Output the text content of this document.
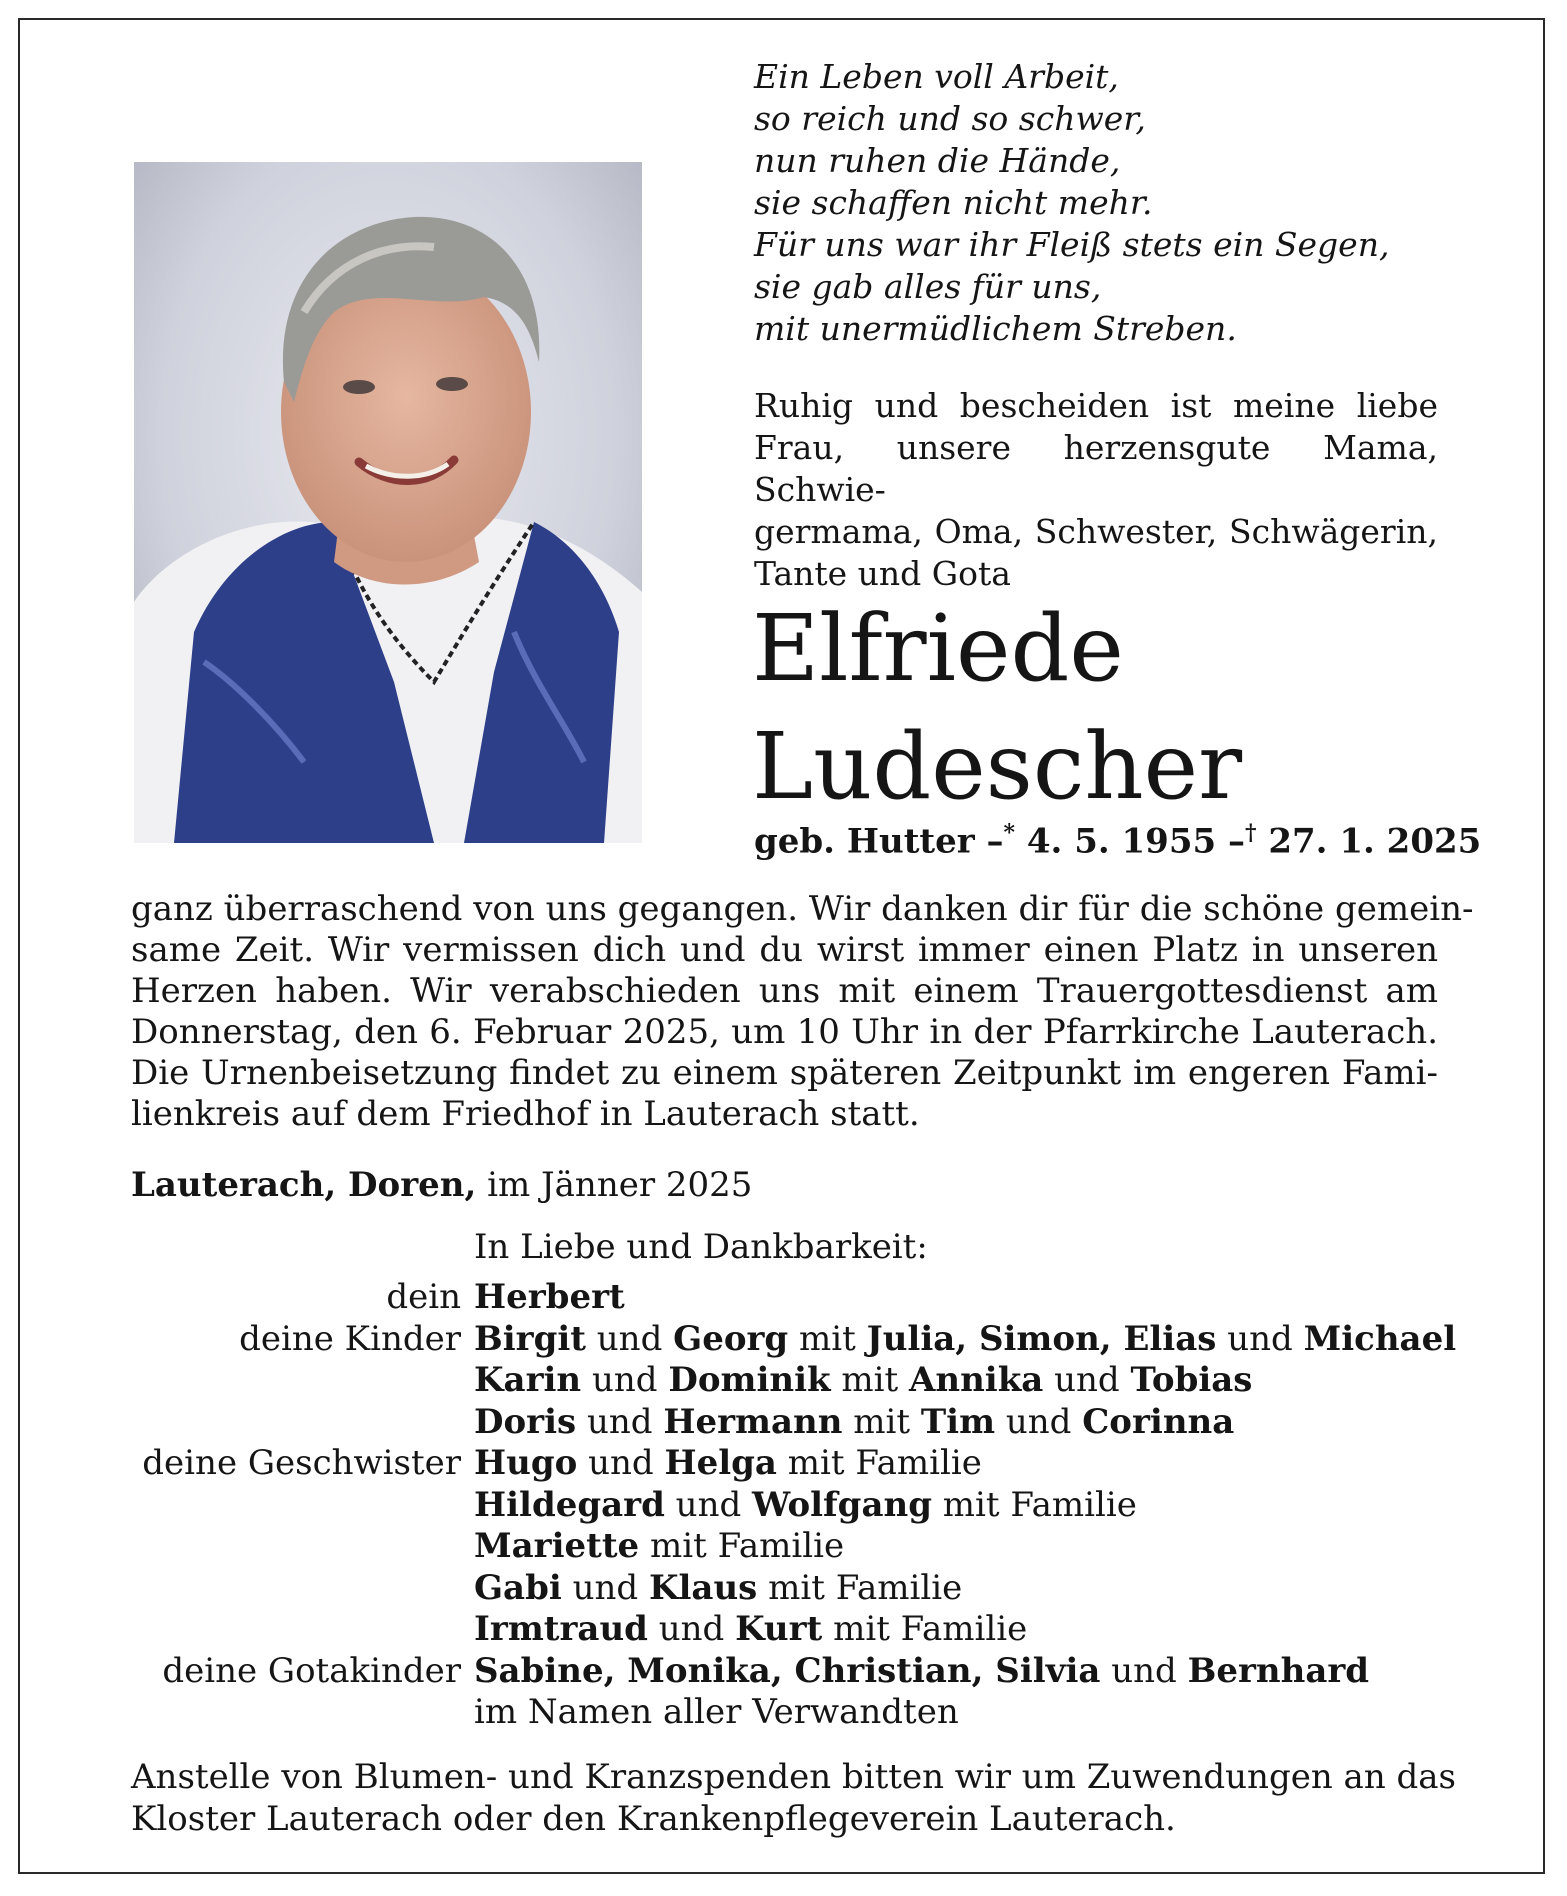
Ein Leben voll Arbeit,
so reich und so schwer,
nun ruhen die Hände,
sie schaffen nicht mehr.
Für uns war ihr Fleiß stets ein Segen,
sie gab alles für uns,
mit unermüdlichem Streben.
Ruhig und bescheiden ist meine liebe
Frau, unsere herzensgute Mama, Schwie-
germama, Oma, Schwester, Schwägerin,
Tante und Gota
Elfriede
Ludescher
geb. Hutter –* 4. 5. 1955 –† 27. 1. 2025
ganz überraschend von uns gegangen. Wir danken dir für die schöne gemein-
same Zeit. Wir vermissen dich und du wirst immer einen Platz in unseren
Herzen haben. Wir verabschieden uns mit einem Trauergottesdienst am
Donnerstag, den 6. Februar 2025, um 10 Uhr in der Pfarrkirche Lauterach.
Die Urnenbeisetzung findet zu einem späteren Zeitpunkt im engeren Fami-
lienkreis auf dem Friedhof in Lauterach statt.
Lauterach, Doren, im Jänner 2025
In Liebe und Dankbarkeit:
dein Herbert
deine Kinder Birgit und Georg mit Julia, Simon, Elias und Michael
Karin und Dominik mit Annika und Tobias
Doris und Hermann mit Tim und Corinna
deine Geschwister Hugo und Helga mit Familie
Hildegard und Wolfgang mit Familie
Mariette mit Familie
Gabi und Klaus mit Familie
Irmtraud und Kurt mit Familie
deine Gotakinder Sabine, Monika, Christian, Silvia und Bernhard
im Namen aller Verwandten
Anstelle von Blumen- und Kranzspenden bitten wir um Zuwendungen an das
Kloster Lauterach oder den Krankenpflegeverein Lauterach.
